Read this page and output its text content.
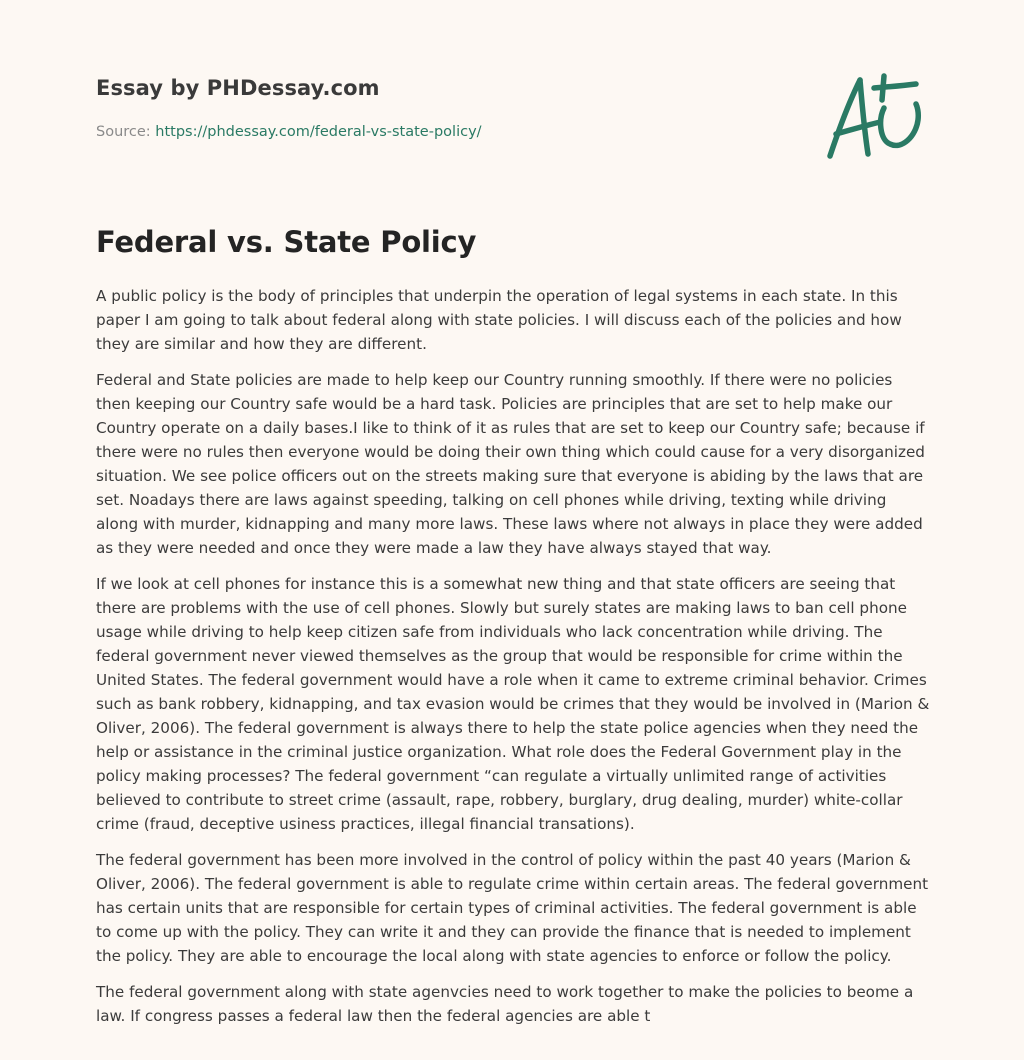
Essay by PHDessay.com
Source: https://phdessay.com/federal-vs-state-policy/
Federal vs. State Policy

A public policy is the body of principles that underpin the operation of legal systems in each state. In this paper I am going to talk about federal along with state policies. I will discuss each of the policies and how they are similar and how they are different.

Federal and State policies are made to help keep our Country running smoothly. If there were no policies then keeping our Country safe would be a hard task. Policies are principles that are set to help make our Country operate on a daily bases.I like to think of it as rules that are set to keep our Country safe; because if there were no rules then everyone would be doing their own thing which could cause for a very disorganized situation. We see police officers out on the streets making sure that everyone is abiding by the laws that are set. Noadays there are laws against speeding, talking on cell phones while driving, texting while driving along with murder, kidnapping and many more laws. These laws where not always in place they were added as they were needed and once they were made a law they have always stayed that way.

If we look at cell phones for instance this is a somewhat new thing and that state officers are seeing that there are problems with the use of cell phones. Slowly but surely states are making laws to ban cell phone usage while driving to help keep citizen safe from individuals who lack concentration while driving. The federal government never viewed themselves as the group that would be responsible for crime within the United States. The federal government would have a role when it came to extreme criminal behavior. Crimes such as bank robbery, kidnapping, and tax evasion would be crimes that they would be involved in (Marion & Oliver, 2006). The federal government is always there to help the state police agencies when they need the help or assistance in the criminal justice organization. What role does the Federal Government play in the policy making processes? The federal government “can regulate a virtually unlimited range of activities believed to contribute to street crime (assault, rape, robbery, burglary, drug dealing, murder) white-collar crime (fraud, deceptive usiness practices, illegal financial transations).

The federal government has been more involved in the control of policy within the past 40 years (Marion & Oliver, 2006). The federal government is able to regulate crime within certain areas. The federal government has certain units that are responsible for certain types of criminal activities. The federal government is able to come up with the policy. They can write it and they can provide the finance that is needed to implement the policy. They are able to encourage the local along with state agencies to enforce or follow the policy.

The federal government along with state agenvcies need to work together to make the policies to beome a law. If congress passes a federal law then the federal agencies are able t
